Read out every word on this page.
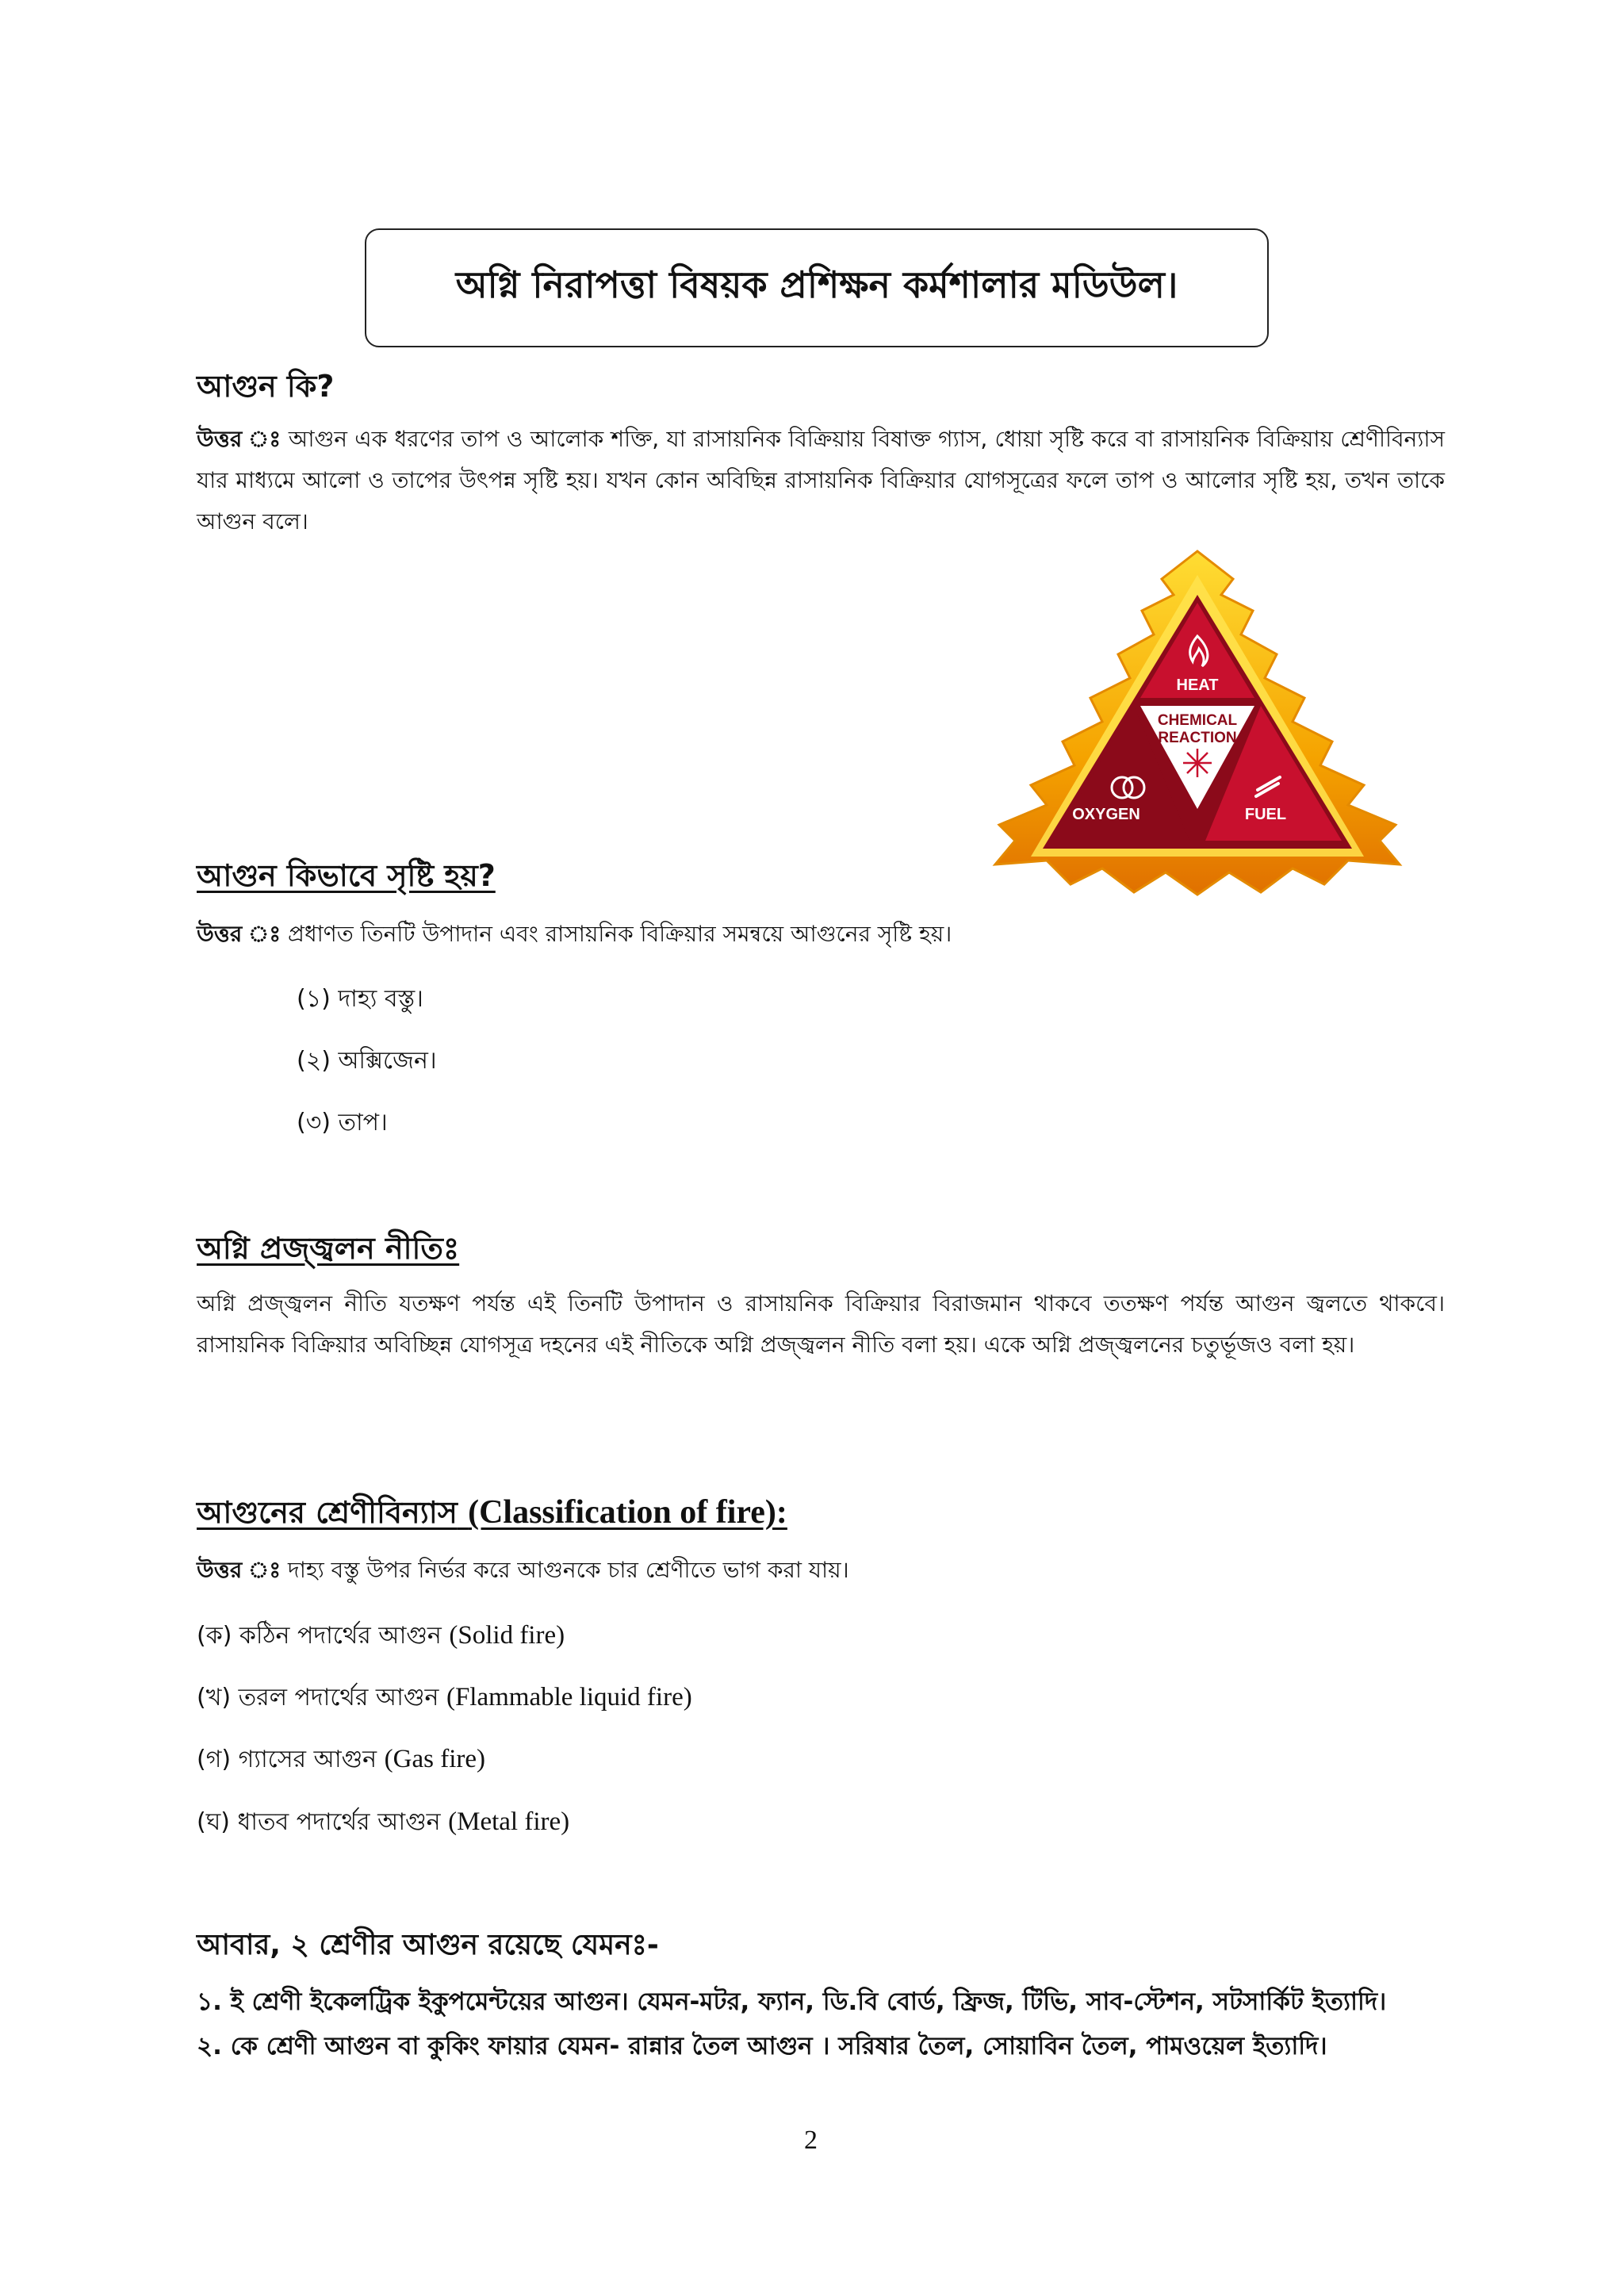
অগ্নি নিরাপত্তা বিষয়ক প্রশিক্ষন কর্মশালার মডিউল।
আগুন কি?
উত্তর ঃ আগুন এক ধরণের তাপ ও আলোক শক্তি, যা রাসায়নিক বিক্রিয়ায় বিষাক্ত গ্যাস, ধোয়া সৃষ্টি করে বা রাসায়নিক বিক্রিয়ায় শ্রেণীবিন্যাস যার মাধ্যমে আলো ও তাপের উৎপন্ন সৃষ্টি হয়। যখন কোন অবিছিন্ন রাসায়নিক বিক্রিয়ার যোগসূত্রের ফলে তাপ ও আলোর সৃষ্টি হয়, তখন তাকে আগুন বলে।
HEAT
CHEMICAL
REACTION
OXYGEN	FUEL
আগুন কিভাবে সৃষ্টি হয়?
উত্তর ঃ প্রধাণত তিনটি উপাদান এবং রাসায়নিক বিক্রিয়ার সমন্বয়ে আগুনের সৃষ্টি হয়।
(১) দাহ্য বস্তু।
(২) অক্সিজেন।
(৩) তাপ।
অগ্নি প্রজ্জ্বলন নীতিঃ
অগ্নি প্রজ্জ্বলন নীতি যতক্ষণ পর্যন্ত এই তিনটি উপাদান ও রাসায়নিক বিক্রিয়ার বিরাজমান থাকবে ততক্ষণ পর্যন্ত আগুন জ্বলতে থাকবে। রাসায়নিক বিক্রিয়ার অবিচ্ছিন্ন যোগসূত্র দহনের এই নীতিকে অগ্নি প্রজ্জ্বলন নীতি বলা হয়। একে অগ্নি প্রজ্জ্বলনের চতুর্ভূজও বলা হয়।
আগুনের শ্রেণীবিন্যাস (Classification of fire):
উত্তর ঃ দাহ্য বস্তু উপর নির্ভর করে আগুনকে চার শ্রেণীতে ভাগ করা যায়।
(ক) কঠিন পদার্থের আগুন (Solid fire)
(খ) তরল পদার্থের আগুন (Flammable liquid fire)
(গ) গ্যাসের আগুন (Gas fire)
(ঘ) ধাতব পদার্থের আগুন (Metal fire)
আবার, ২ শ্রেণীর আগুন রয়েছে যেমনঃ-
১. ই শ্রেণী ইকেলট্রিক ইকুপমেন্টয়ের আগুন। যেমন-মটর, ফ্যান, ডি.বি বোর্ড, ফ্রিজ, টিভি, সাব-স্টেশন, সটসার্কিট ইত্যাদি।
২. কে শ্রেণী আগুন বা কুকিং ফায়ার যেমন- রান্নার তৈল আগুন । সরিষার তৈল, সোয়াবিন তৈল, পামওয়েল ইত্যাদি।
2
